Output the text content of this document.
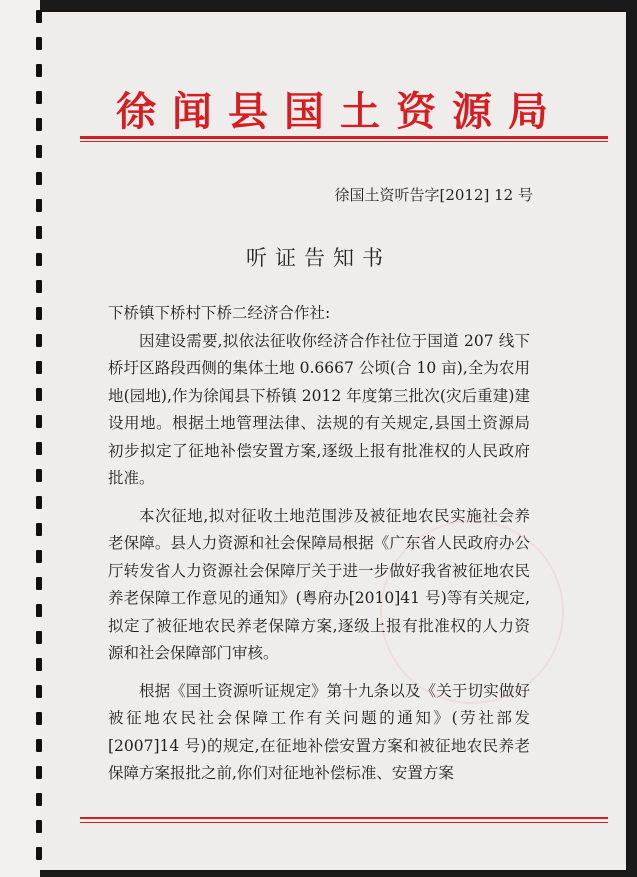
徐闻县国土资源局
徐国土资听告字[2012] 12 号
听证告知书

下桥镇下桥村下桥二经济合作社:

因建设需要,拟依法征收你经济合作社位于国道 207 线下桥圩区路段西侧的集体土地 0.6667 公顷(合 10 亩),全为农用地(园地),作为徐闻县下桥镇 2012 年度第三批次(灾后重建)建设用地。根据土地管理法律、法规的有关规定,县国土资源局初步拟定了征地补偿安置方案,逐级上报有批准权的人民政府批准。

本次征地,拟对征收土地范围涉及被征地农民实施社会养老保障。县人力资源和社会保障局根据《广东省人民政府办公厅转发省人力资源社会保障厅关于进一步做好我省被征地农民养老保障工作意见的通知》(粤府办[2010]41 号)等有关规定,拟定了被征地农民养老保障方案,逐级上报有批准权的人力资源和社会保障部门审核。

根据《国土资源听证规定》第十九条以及《关于切实做好被征地农民社会保障工作有关问题的通知》(劳社部发[2007]14 号)的规定,在征地补偿安置方案和被征地农民养老保障方案报批之前,你们对征地补偿标准、安置方案
